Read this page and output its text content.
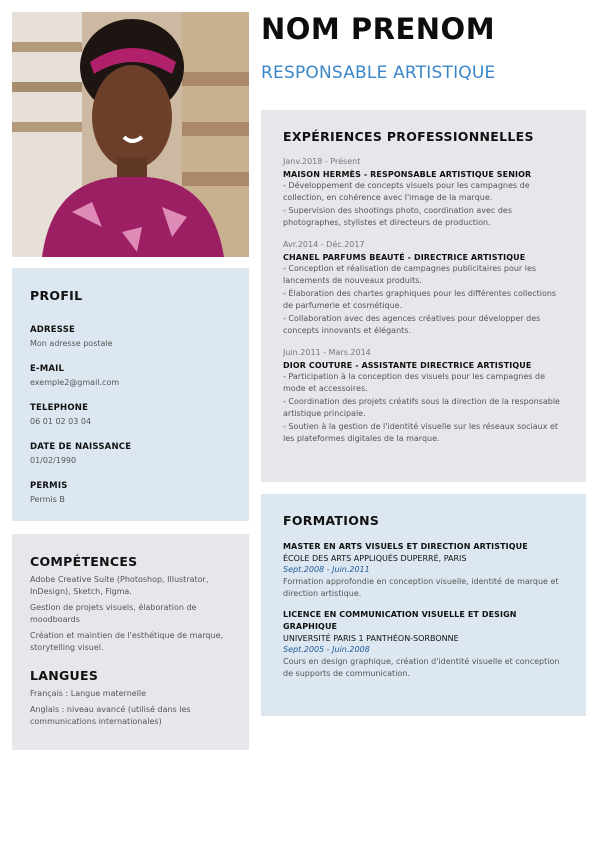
NOM PRENOM
RESPONSABLE ARTISTIQUE
PROFIL
ADRESSE
Mon adresse postale
E-MAIL
exemple2@gmail.com
TELEPHONE
06 01 02 03 04
DATE DE NAISSANCE
01/02/1990
PERMIS
Permis B
COMPÉTENCES
Adobe Creative Suite (Photoshop, Illustrator, InDesign), Sketch, Figma.
Gestion de projets visuels, élaboration de moodboards
Création et maintien de l'esthétique de marque, storytelling visuel.
LANGUES
Français : Langue maternelle
Anglais : niveau avancé (utilisé dans les communications internationales)
EXPÉRIENCES PROFESSIONNELLES
Janv.2018 - Présent
MAISON HERMÈS - RESPONSABLE ARTISTIQUE SENIOR
- Développement de concepts visuels pour les campagnes de collection, en cohérence avec l'image de la marque.
- Supervision des shootings photo, coordination avec des photographes, stylistes et directeurs de production.
Avr.2014 - Déc.2017
CHANEL PARFUMS BEAUTÉ - DIRECTRICE ARTISTIQUE
- Conception et réalisation de campagnes publicitaires pour les lancements de nouveaux produits.
- Élaboration des chartes graphiques pour les différentes collections de parfumerie et cosmétique.
- Collaboration avec des agences créatives pour développer des concepts innovants et élégants.
Juin.2011 - Mars.2014
DIOR COUTURE - ASSISTANTE DIRECTRICE ARTISTIQUE
- Participation à la conception des visuels pour les campagnes de mode et accessoires.
- Coordination des projets créatifs sous la direction de la responsable artistique principale.
- Soutien à la gestion de l'identité visuelle sur les réseaux sociaux et les plateformes digitales de la marque.
FORMATIONS
MASTER EN ARTS VISUELS ET DIRECTION ARTISTIQUE
ÉCOLE DES ARTS APPLIQUÉS DUPERRÉ, PARIS
Sept.2008 - Juin.2011
Formation approfondie en conception visuelle, identité de marque et direction artistique.
LICENCE EN COMMUNICATION VISUELLE ET DESIGN GRAPHIQUE
UNIVERSITÉ PARIS 1 PANTHÉON-SORBONNE
Sept.2005 - Juin.2008
Cours en design graphique, création d'identité visuelle et conception de supports de communication.
